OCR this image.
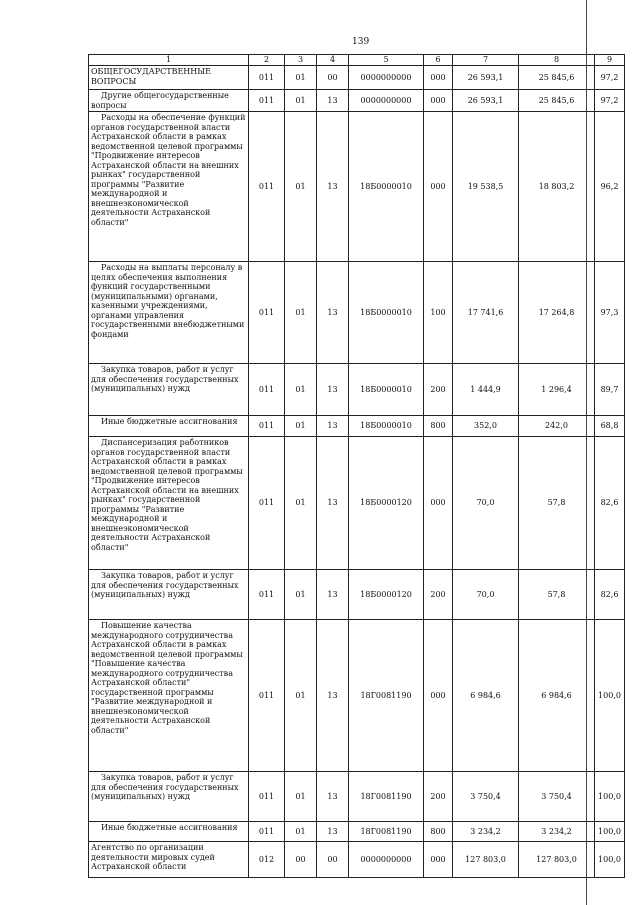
139
1	2	3	4	5	6	7	8	9
ОБЩЕГОСУДАРСТВЕННЫЕ ВОПРОСЫ	011	01	00	0000000000	000	26 593,1	25 845,6	97,2
Другие общегосударственные вопросы	011	01	13	0000000000	000	26 593,1	25 845,6	97,2
Расходы на обеспечение функций органов государственной власти Астраханской области в рамках ведомственной целевой программы "Продвижение интересов Астраханской области на внешних рынках" государственной программы "Развитие международной и внешнеэкономической деятельности Астраханской области"	011	01	13	18Б0000010	000	19 538,5	18 803,2	96,2
Расходы на выплаты персоналу в целях обеспечения выполнения функций государственными (муниципальными) органами, казенными учреждениями, органами управления государственными внебюджетными фондами	011	01	13	18Б0000010	100	17 741,6	17 264,8	97,3
Закупка товаров, работ и услуг для обеспечения государственных (муниципальных) нужд	011	01	13	18Б0000010	200	1 444,9	1 296,4	89,7
Иные бюджетные ассигнования	011	01	13	18Б0000010	800	352,0	242,0	68,8
Диспансеризация работников органов государственной власти Астраханской области в рамках ведомственной целевой программы "Продвижение интересов Астраханской области на внешних рынках" государственной программы "Развитие международной и внешнеэкономической деятельности Астраханской области"	011	01	13	18Б0000120	000	70,0	57,8	82,6
Закупка товаров, работ и услуг для обеспечения государственных (муниципальных) нужд	011	01	13	18Б0000120	200	70,0	57,8	82,6
Повышение качества международного сотрудничества Астраханской области в рамках ведомственной целевой программы "Повышение качества международного сотрудничества Астраханской области" государственной программы "Развитие международной и внешнеэкономической деятельности Астраханской области"	011	01	13	18Г0081190	000	6 984,6	6 984,6	100,0
Закупка товаров, работ и услуг для обеспечения государственных (муниципальных) нужд	011	01	13	18Г0081190	200	3 750,4	3 750,4	100,0
Иные бюджетные ассигнования	011	01	13	18Г0081190	800	3 234,2	3 234,2	100,0
Агентство по организации деятельности мировых судей Астраханской области	012	00	00	0000000000	000	127 803,0	127 803,0	100,0
